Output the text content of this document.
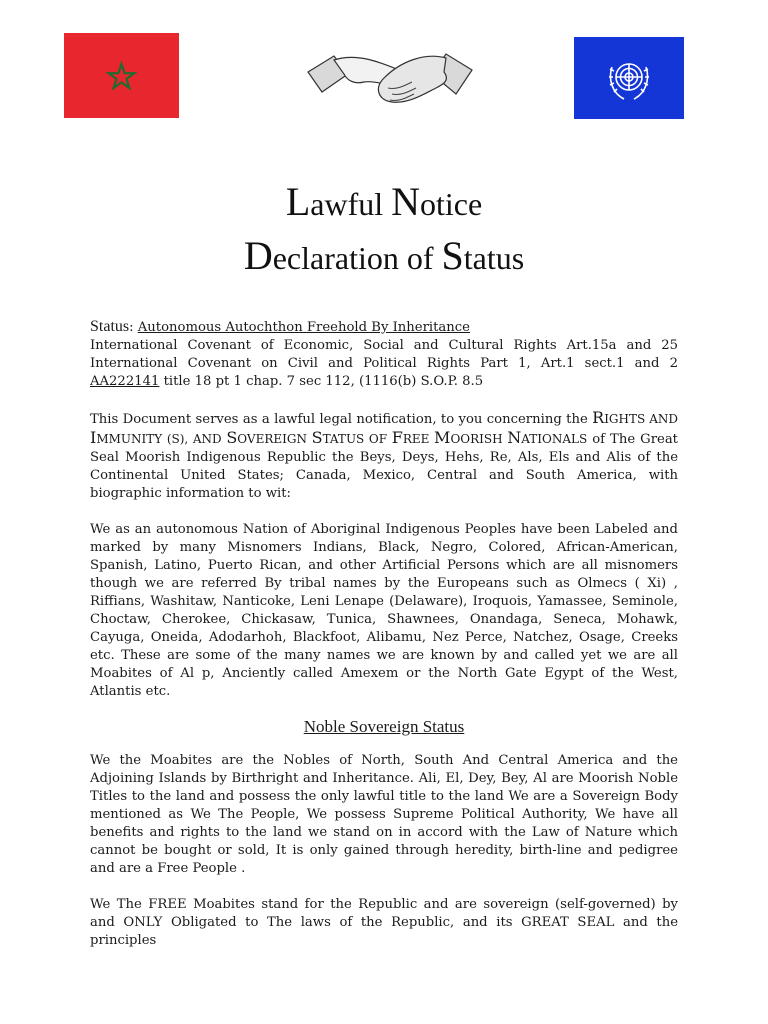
Lawful Notice
Declaration of Status

Status: Autonomous Autochthon Freehold By Inheritance
International Covenant of Economic, Social and Cultural Rights Art.15a and 25 International Covenant on Civil and Political Rights Part 1, Art.1 sect.1 and 2 AA222141 title 18 pt 1 chap. 7 sec 112, (1116(b) S.O.P. 8.5

This Document serves as a lawful legal notification, to you concerning the RIGHTS AND IMMUNITY (S), AND SOVEREIGN STATUS OF FREE MOORISH NATIONALS of The Great Seal Moorish Indigenous Republic the Beys, Deys, Hehs, Re, Als, Els and Alis of the Continental United States; Canada, Mexico, Central and South America, with biographic information to wit:

We as an autonomous Nation of Aboriginal Indigenous Peoples have been Labeled and marked by many Misnomers Indians, Black, Negro, Colored, African-American, Spanish, Latino, Puerto Rican, and other Artificial Persons which are all misnomers though we are referred By tribal names by the Europeans such as Olmecs ( Xi) , Riffians, Washitaw, Nanticoke, Leni Lenape (Delaware), Iroquois, Yamassee, Seminole, Choctaw, Cherokee, Chickasaw, Tunica, Shawnees, Onandaga, Seneca, Mohawk, Cayuga, Oneida, Adodarhoh, Blackfoot, Alibamu, Nez Perce, Natchez, Osage, Creeks etc. These are some of the many names we are known by and called yet we are all Moabites of Al p, Anciently called Amexem or the North Gate Egypt of the West, Atlantis etc.

Noble Sovereign Status

We the Moabites are the Nobles of North, South And Central America and the Adjoining Islands by Birthright and Inheritance. Ali, El, Dey, Bey, Al are Moorish Noble Titles to the land and possess the only lawful title to the land We are a Sovereign Body mentioned as We The People, We possess Supreme Political Authority, We have all benefits and rights to the land we stand on in accord with the Law of Nature which cannot be bought or sold, It is only gained through heredity, birth-line and pedigree and are a Free People .

We The FREE Moabites stand for the Republic and are sovereign (self-governed) by and ONLY Obligated to The laws of the Republic, and its GREAT SEAL and the principles
